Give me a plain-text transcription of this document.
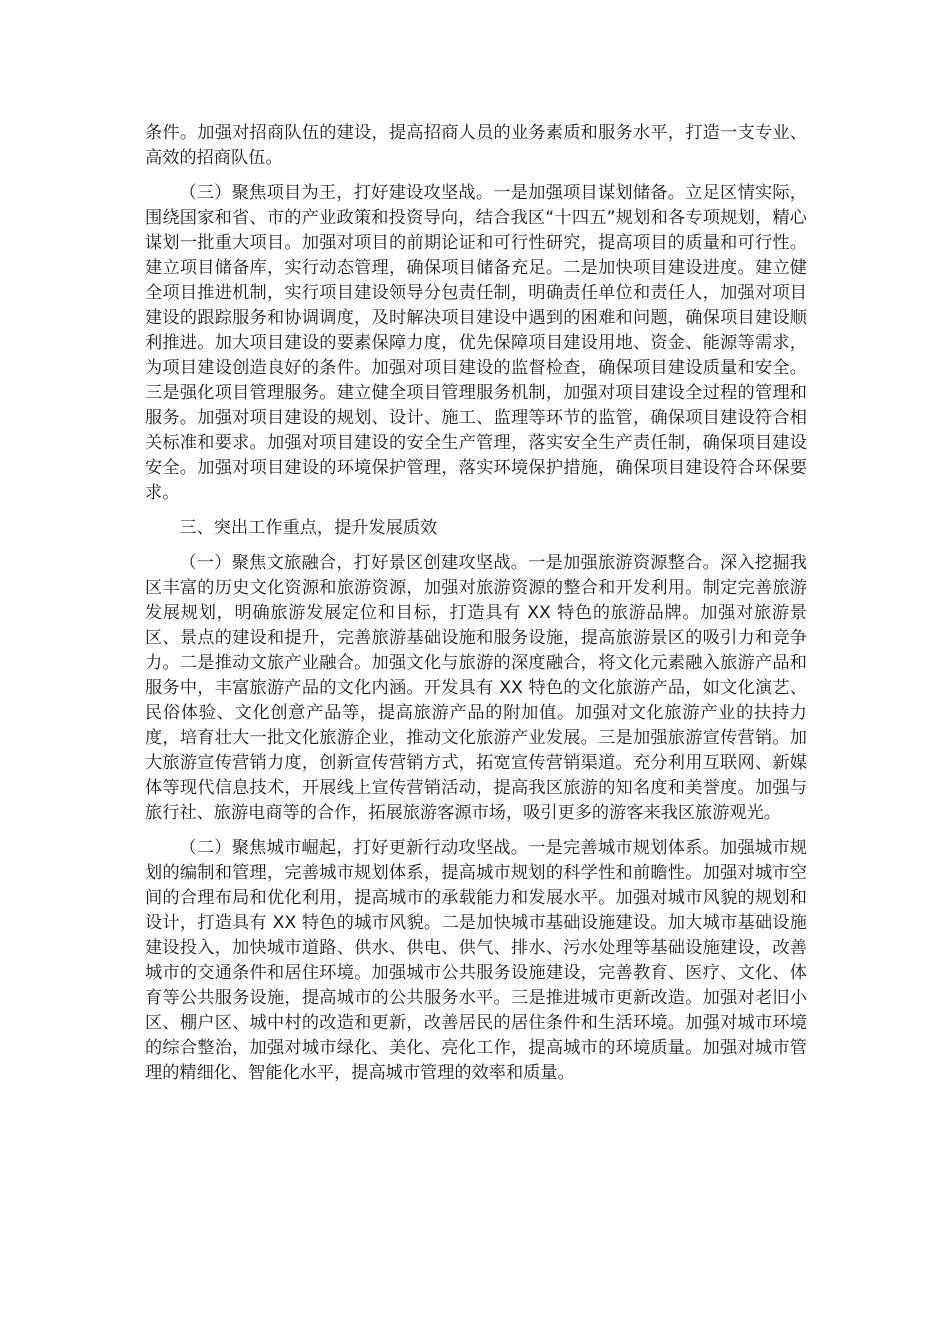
条件。加强对招商队伍的建设，提高招商人员的业务素质和服务水平，打造一支专业、高效的招商队伍。

（三）聚焦项目为王，打好建设攻坚战。一是加强项目谋划储备。立足区情实际，围绕国家和省、市的产业政策和投资导向，结合我区“十四五”规划和各专项规划，精心谋划一批重大项目。加强对项目的前期论证和可行性研究，提高项目的质量和可行性。建立项目储备库，实行动态管理，确保项目储备充足。二是加快项目建设进度。建立健全项目推进机制，实行项目建设领导分包责任制，明确责任单位和责任人，加强对项目建设的跟踪服务和协调调度，及时解决项目建设中遇到的困难和问题，确保项目建设顺利推进。加大项目建设的要素保障力度，优先保障项目建设用地、资金、能源等需求，为项目建设创造良好的条件。加强对项目建设的监督检查，确保项目建设质量和安全。三是强化项目管理服务。建立健全项目管理服务机制，加强对项目建设全过程的管理和服务。加强对项目建设的规划、设计、施工、监理等环节的监管，确保项目建设符合相关标准和要求。加强对项目建设的安全生产管理，落实安全生产责任制，确保项目建设安全。加强对项目建设的环境保护管理，落实环境保护措施，确保项目建设符合环保要求。

三、突出工作重点，提升发展质效

（一）聚焦文旅融合，打好景区创建攻坚战。一是加强旅游资源整合。深入挖掘我区丰富的历史文化资源和旅游资源，加强对旅游资源的整合和开发利用。制定完善旅游发展规划，明确旅游发展定位和目标，打造具有 XX 特色的旅游品牌。加强对旅游景区、景点的建设和提升，完善旅游基础设施和服务设施，提高旅游景区的吸引力和竞争力。二是推动文旅产业融合。加强文化与旅游的深度融合，将文化元素融入旅游产品和服务中，丰富旅游产品的文化内涵。开发具有 XX 特色的文化旅游产品，如文化演艺、民俗体验、文化创意产品等，提高旅游产品的附加值。加强对文化旅游产业的扶持力度，培育壮大一批文化旅游企业，推动文化旅游产业发展。三是加强旅游宣传营销。加大旅游宣传营销力度，创新宣传营销方式，拓宽宣传营销渠道。充分利用互联网、新媒体等现代信息技术，开展线上宣传营销活动，提高我区旅游的知名度和美誉度。加强与旅行社、旅游电商等的合作，拓展旅游客源市场，吸引更多的游客来我区旅游观光。

（二）聚焦城市崛起，打好更新行动攻坚战。一是完善城市规划体系。加强城市规划的编制和管理，完善城市规划体系，提高城市规划的科学性和前瞻性。加强对城市空间的合理布局和优化利用，提高城市的承载能力和发展水平。加强对城市风貌的规划和设计，打造具有 XX 特色的城市风貌。二是加快城市基础设施建设。加大城市基础设施建设投入，加快城市道路、供水、供电、供气、排水、污水处理等基础设施建设，改善城市的交通条件和居住环境。加强城市公共服务设施建设，完善教育、医疗、文化、体育等公共服务设施，提高城市的公共服务水平。三是推进城市更新改造。加强对老旧小区、棚户区、城中村的改造和更新，改善居民的居住条件和生活环境。加强对城市环境的综合整治，加强对城市绿化、美化、亮化工作，提高城市的环境质量。加强对城市管理的精细化、智能化水平，提高城市管理的效率和质量。
